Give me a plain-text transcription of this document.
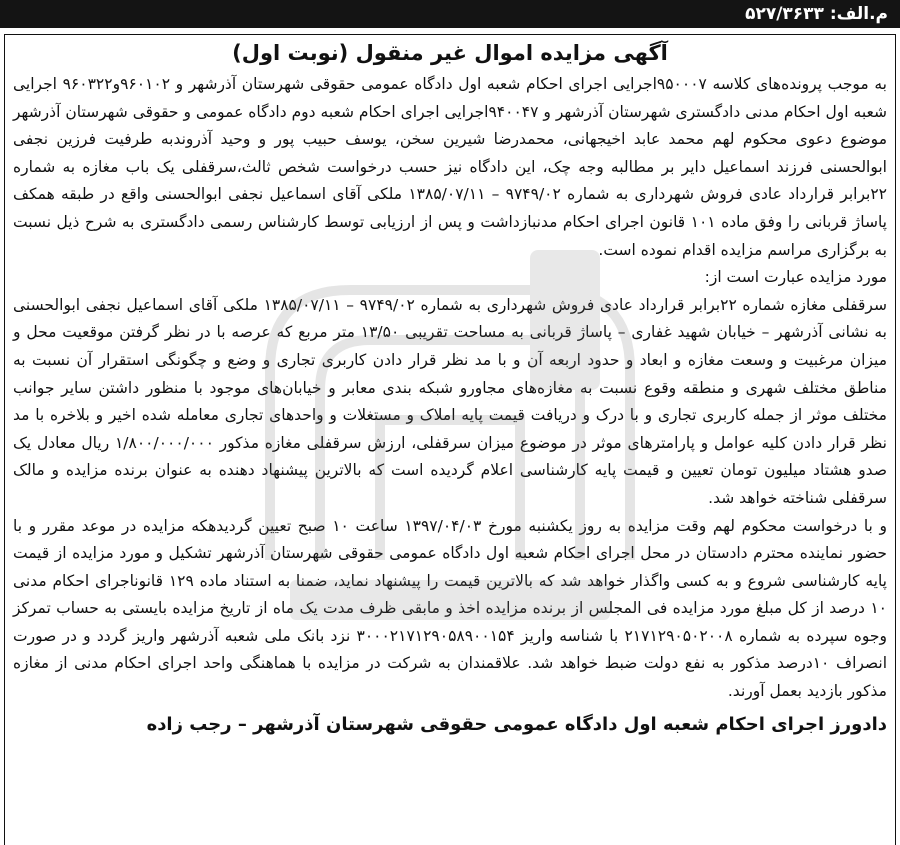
م.الف: ۵۲۷/۳۶۳۳
آگهی مزایده اموال غیر منقول (نوبت اول)

به موجب پرونده‌های کلاسه ۹۵۰۰۰۷اجرایی اجرای احکام شعبه اول دادگاه عمومی حقوقی شهرستان آذرشهر و ۹۶۰۱۰۲و۹۶۰۳۲۲ اجرایی شعبه اول احکام مدنی دادگستری شهرستان آذرشهر و ۹۴۰۰۴۷اجرایی اجرای احکام شعبه دوم دادگاه عمومی و حقوقی شهرستان آذرشهر موضوع دعوی محکوم لهم محمد عابد اخیجهانی، محمدرضا شیرین سخن، یوسف حبیب پور و وحید آذروندبه طرفیت فرزین نجفی ابوالحسنی فرزند اسماعیل دایر بر مطالبه وجه چک، این دادگاه نیز حسب درخواست شخص ثالث،سرقفلی یک باب مغازه به شماره ۲۲برابر قرارداد عادی فروش شهرداری به شماره ۹۷۴۹/۰۲ – ۱۳۸۵/۰۷/۱۱ ملکی آقای اسماعیل نجفی ابوالحسنی واقع در طبقه همکف پاساژ قربانی را وفق ماده ۱۰۱ قانون اجرای احکام مدنبازداشت و پس از ارزیابی توسط کارشناس رسمی دادگستری به شرح ذیل نسبت به برگزاری مراسم مزایده اقدام نموده است.

مورد مزایده عبارت است از:

سرقفلی مغازه شماره ۲۲برابر قرارداد عادی فروش شهرداری به شماره ۹۷۴۹/۰۲ – ۱۳۸۵/۰۷/۱۱ ملکی آقای اسماعیل نجفی ابوالحسنی به نشانی آذرشهر – خیابان شهید غفاری – پاساژ قربانی به مساحت تقریبی ۱۳/۵۰ متر مربع که عرصه با در نظر گرفتن موقعیت محل و میزان مرغبیت و وسعت مغازه و ابعاد و حدود اربعه آن و با مد نظر قرار دادن کاربری تجاری و وضع و چگونگی استقرار آن نسبت به مناطق مختلف شهری و منطقه وقوع نسبت به مغازه‌های مجاورو شبکه بندی معابر و خیابان‌های موجود با منظور داشتن سایر جوانب مختلف موثر از جمله کاربری تجاری و با درک و دریافت قیمت پایه املاک و مستغلات و واحدهای تجاری معامله شده اخیر و بلاخره با مد نظر قرار دادن کلیه عوامل و پارامترهای موثر در موضوع میزان سرقفلی، ارزش سرقفلی مغازه مذکور ۱/۸۰۰/۰۰۰/۰۰۰ ریال معادل یک صدو هشتاد میلیون تومان تعیین و قیمت پایه کارشناسی اعلام گردیده است که بالاترین پیشنهاد دهنده به عنوان برنده مزایده و مالک سرقفلی شناخته خواهد شد.

و با درخواست محکوم لهم وقت مزایده به روز یکشنبه مورخ ۱۳۹۷/۰۴/۰۳ ساعت ۱۰ صبح تعیین گردیدهکه مزایده در موعد مقرر و با حضور نماینده محترم دادستان در محل اجرای احکام شعبه اول دادگاه عمومی حقوقی شهرستان آذرشهر تشکیل و مورد مزایده از قیمت پایه کارشناسی شروع و به کسی واگذار خواهد شد که بالاترین قیمت را پیشنهاد نماید، ضمنا به استناد ماده ۱۲۹ قانوناجرای احکام مدنی ۱۰ درصد از کل مبلغ مورد مزایده فی المجلس از برنده مزایده اخذ و مابقی ظرف مدت یک ماه از تاریخ مزایده بایستی به حساب تمرکز وجوه سپرده به شماره ۲۱۷۱۲۹۰۵۰۲۰۰۸ با شناسه واریز ۳۰۰۰۲۱۷۱۲۹۰۵۸۹۰۰۱۵۴ نزد بانک ملی شعبه آذرشهر واریز گردد و در صورت انصراف ۱۰درصد مذکور به نفع دولت ضبط خواهد شد. علاقمندان به شرکت در مزایده با هماهنگی واحد اجرای احکام مدنی از مغازه مذکور بازدید بعمل آورند.

دادورز اجرای احکام شعبه اول دادگاه عمومی حقوقی شهرستان آذرشهر – رجب زاده
